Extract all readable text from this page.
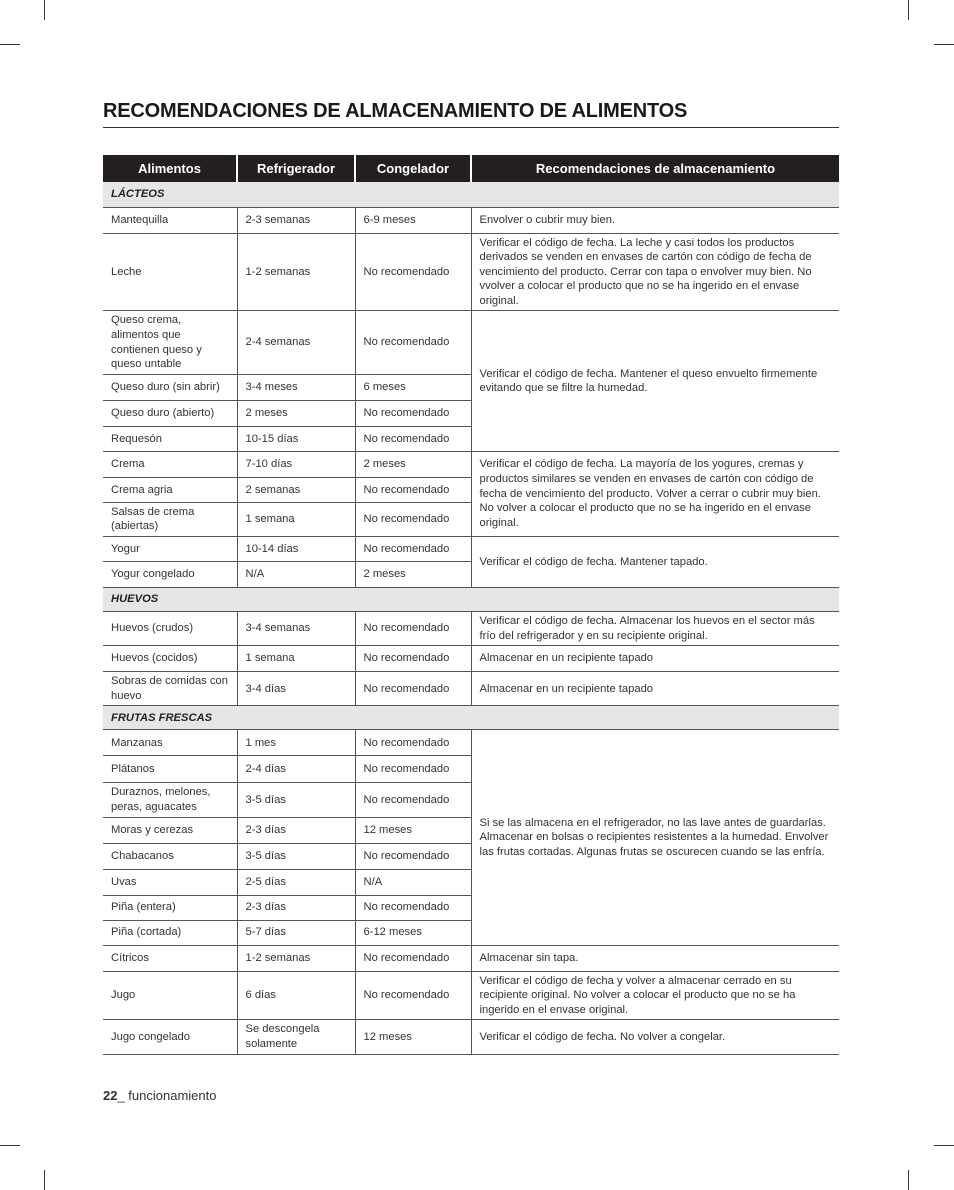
RECOMENDACIONES DE ALMACENAMIENTO DE ALIMENTOS
Alimentos	Refrigerador	Congelador	Recomendaciones de almacenamiento
LÁCTEOS			
Mantequilla	2-3 semanas	6-9 meses	Envolver o cubrir muy bien.
Leche	1-2 semanas	No recomendado	Verificar el código de fecha. La leche y casi todos los productos derivados se venden en envases de cartón con código de fecha de vencimiento del producto. Cerrar con tapa o envolver muy bien. No vvolver a colocar el producto que no se ha ingerido en el envase original.
Queso crema, alimentos que contienen queso y queso untable	2-4 semanas	No recomendado	Verificar el código de fecha. Mantener el queso envuelto firmemente evitando que se filtre la humedad.
Queso duro (sin abrir)	3-4 meses	6 meses	
Queso duro (abierto)	2 meses	No recomendado	
Requesón	10-15 días	No recomendado	
Crema	7-10 días	2 meses	Verificar el código de fecha. La mayoría de los yogures, cremas y productos similares se venden en envases de cartón con código de fecha de vencimiento del producto. Volver a cerrar o cubrir muy bien. No volver a colocar el producto que no se ha ingerido en el envase original.
Crema agria	2 semanas	No recomendado	
Salsas de crema (abiertas)	1 semana	No recomendado	
Yogur	10-14 días	No recomendado	Verificar el código de fecha. Mantener tapado.
Yogur congelado	N/A	2 meses	
HUEVOS			
Huevos (crudos)	3-4 semanas	No recomendado	Verificar el código de fecha. Almacenar los huevos en el sector más frío del refrigerador y en su recipiente original.
Huevos (cocidos)	1 semana	No recomendado	Almacenar en un recipiente tapado
Sobras de comidas con huevo	3-4 días	No recomendado	Almacenar en un recipiente tapado
FRUTAS FRESCAS			
Manzanas	1 mes	No recomendado	Si se las almacena en el refrigerador, no las lave antes de guardarlas. Almacenar en bolsas o recipientes resistentes a la humedad. Envolver las frutas cortadas. Algunas frutas se oscurecen cuando se las enfría.
Plátanos	2-4 días	No recomendado	
Duraznos, melones, peras, aguacates	3-5 días	No recomendado	
Moras y cerezas	2-3 días	12 meses	
Chabacanos	3-5 días	No recomendado	
Uvas	2-5 días	N/A	
Piña (entera)	2-3 días	No recomendado	
Piña (cortada)	5-7 días	6-12 meses	
Cítricos	1-2 semanas	No recomendado	Almacenar sin tapa.
Jugo	6 días	No recomendado	Verificar el código de fecha y volver a almacenar cerrado en su recipiente original. No volver a colocar el producto que no se ha ingerido en el envase original.
Jugo congelado	Se descongela solamente	12 meses	Verificar el código de fecha. No volver a congelar.
22_ funcionamiento
